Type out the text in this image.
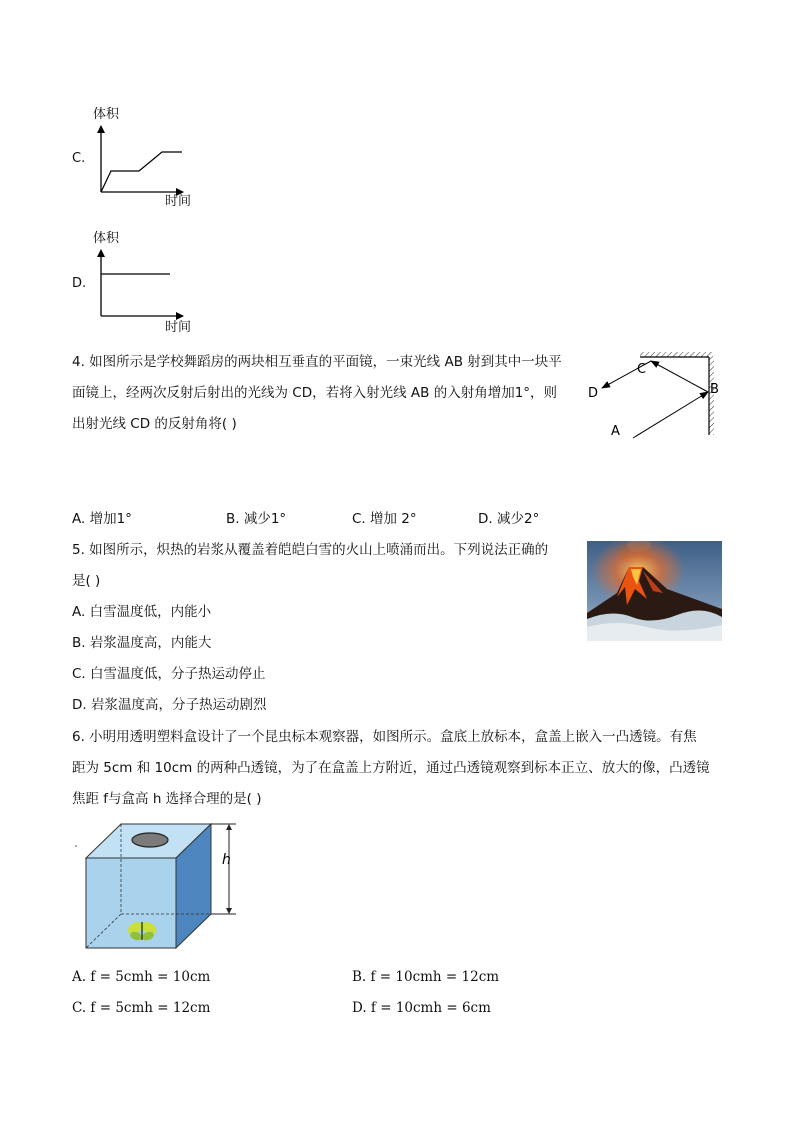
体积
C.
时间
体积
D.
时间
4. 如图所示是学校舞蹈房的两块相互垂直的平面镜，一束光线 AB 射到其中一块平
面镜上，经两次反射后射出的光线为 CD，若将入射光线 AB 的入射角增加1°，则
出射光线 CD 的反射角将( )	A
B
C
D
A. 增加1°	B. 减少1°	C. 增加 2°	D. 减少2°
5. 如图所示，炽热的岩浆从覆盖着皑皑白雪的火山上喷涌而出。下列说法正确的
是( )
A. 白雪温度低，内能小
B. 岩浆温度高，内能大
C. 白雪温度低，分子热运动停止
D. 岩浆温度高，分子热运动剧烈
6. 小明用透明塑料盒设计了一个昆虫标本观察器，如图所示。盒底上放标本，盒盖上嵌入一凸透镜。有焦
距为 5cm 和 10cm 的两种凸透镜，为了在盒盖上方附近，通过凸透镜观察到标本正立、放大的像，凸透镜
焦距 f与盒高 h 选择合理的是( )
h
A. f = 5cmh = 10cm	B. f = 10cmh = 12cm
C. f = 5cmh = 12cm	D. f = 10cmh = 6cm
